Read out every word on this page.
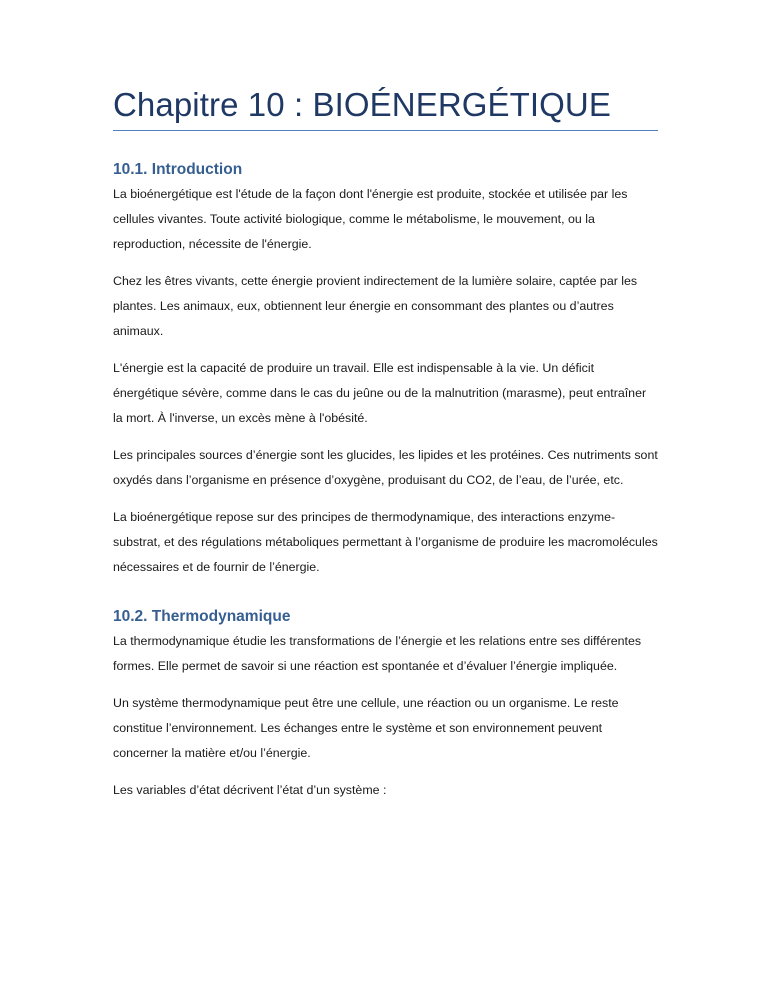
Chapitre 10 : BIOÉNERGÉTIQUE
10.1. Introduction

La bioénergétique est l'étude de la façon dont l'énergie est produite, stockée et utilisée par les cellules vivantes. Toute activité biologique, comme le métabolisme, le mouvement, ou la reproduction, nécessite de l'énergie.

Chez les êtres vivants, cette énergie provient indirectement de la lumière solaire, captée par les plantes. Les animaux, eux, obtiennent leur énergie en consommant des plantes ou d’autres animaux.

L'énergie est la capacité de produire un travail. Elle est indispensable à la vie. Un déficit énergétique sévère, comme dans le cas du jeûne ou de la malnutrition (marasme), peut entraîner la mort. À l'inverse, un excès mène à l'obésité.

Les principales sources d’énergie sont les glucides, les lipides et les protéines. Ces nutriments sont oxydés dans l’organisme en présence d’oxygène, produisant du CO2, de l’eau, de l’urée, etc.

La bioénergétique repose sur des principes de thermodynamique, des interactions enzyme-substrat, et des régulations métaboliques permettant à l’organisme de produire les macromolécules nécessaires et de fournir de l’énergie.

10.2. Thermodynamique

La thermodynamique étudie les transformations de l’énergie et les relations entre ses différentes formes. Elle permet de savoir si une réaction est spontanée et d’évaluer l’énergie impliquée.

Un système thermodynamique peut être une cellule, une réaction ou un organisme. Le reste constitue l’environnement. Les échanges entre le système et son environnement peuvent concerner la matière et/ou l’énergie.

Les variables d’état décrivent l’état d’un système :
